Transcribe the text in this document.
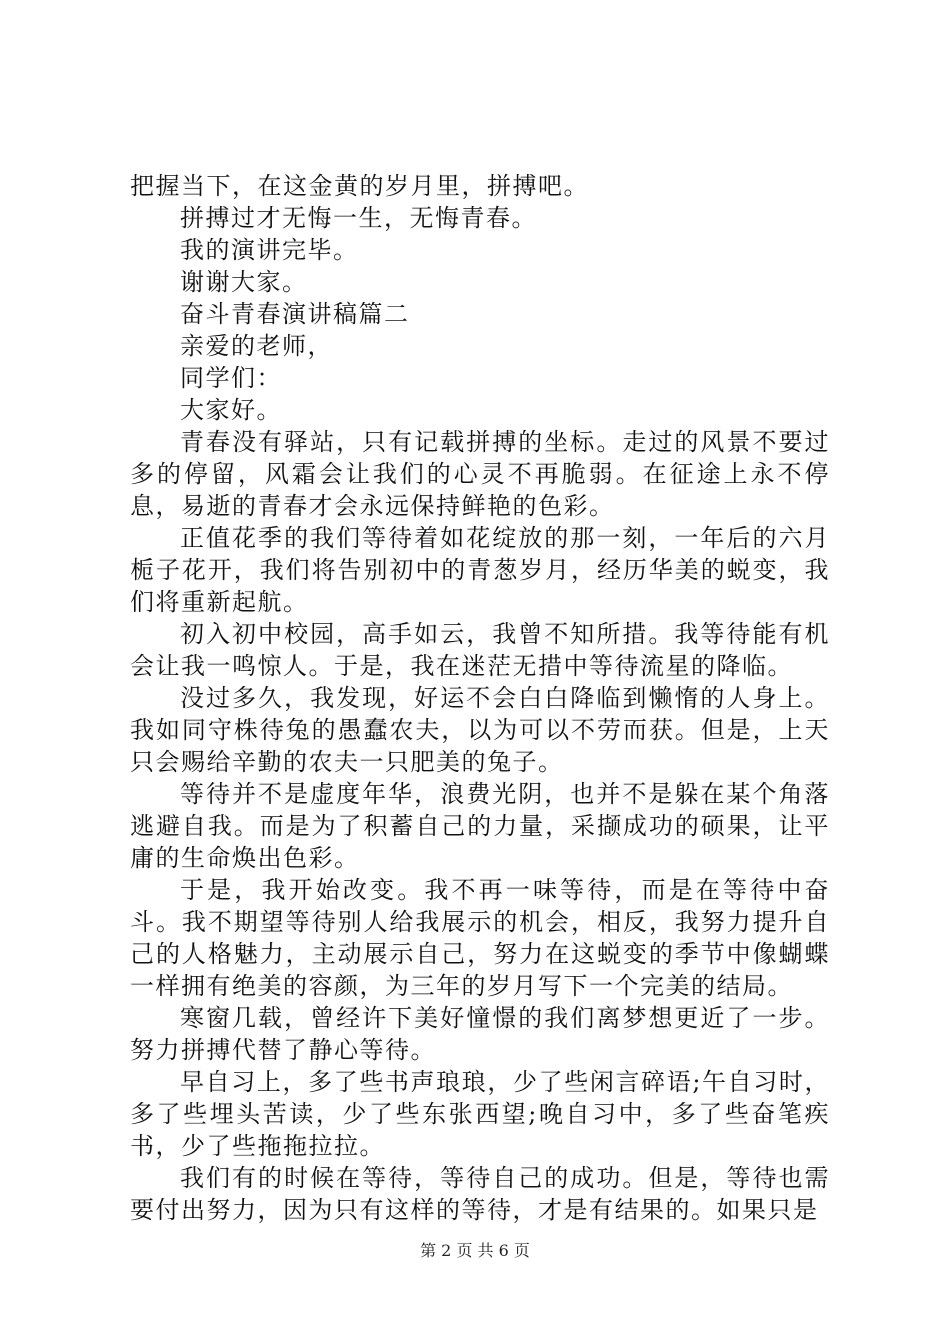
把握当下，在这金黄的岁月里，拼搏吧。

拼搏过才无悔一生，无悔青春。

我的演讲完毕。

谢谢大家。

奋斗青春演讲稿篇二

亲爱的老师，

同学们：

大家好。

青春没有驿站，只有记载拼搏的坐标。走过的风景不要过多的停留，风霜会让我们的心灵不再脆弱。在征途上永不停息，易逝的青春才会永远保持鲜艳的色彩。

正值花季的我们等待着如花绽放的那一刻，一年后的六月栀子花开，我们将告别初中的青葱岁月，经历华美的蜕变，我们将重新起航。

初入初中校园，高手如云，我曾不知所措。我等待能有机会让我一鸣惊人。于是，我在迷茫无措中等待流星的降临。

没过多久，我发现，好运不会白白降临到懒惰的人身上。我如同守株待兔的愚蠢农夫，以为可以不劳而获。但是，上天只会赐给辛勤的农夫一只肥美的兔子。

等待并不是虚度年华，浪费光阴，也并不是躲在某个角落逃避自我。而是为了积蓄自己的力量，采撷成功的硕果，让平庸的生命焕出色彩。

于是，我开始改变。我不再一味等待，而是在等待中奋斗。我不期望等待别人给我展示的机会，相反，我努力提升自己的人格魅力，主动展示自己，努力在这蜕变的季节中像蝴蝶一样拥有绝美的容颜，为三年的岁月写下一个完美的结局。

寒窗几载，曾经许下美好憧憬的我们离梦想更近了一步。努力拼搏代替了静心等待。

早自习上，多了些书声琅琅，少了些闲言碎语;午自习时，多了些埋头苦读，少了些东张西望;晚自习中，多了些奋笔疾书，少了些拖拖拉拉。

我们有的时候在等待，等待自己的成功。但是，等待也需要付出努力，因为只有这样的等待，才是有结果的。如果只是

第 2 页 共 6 页
